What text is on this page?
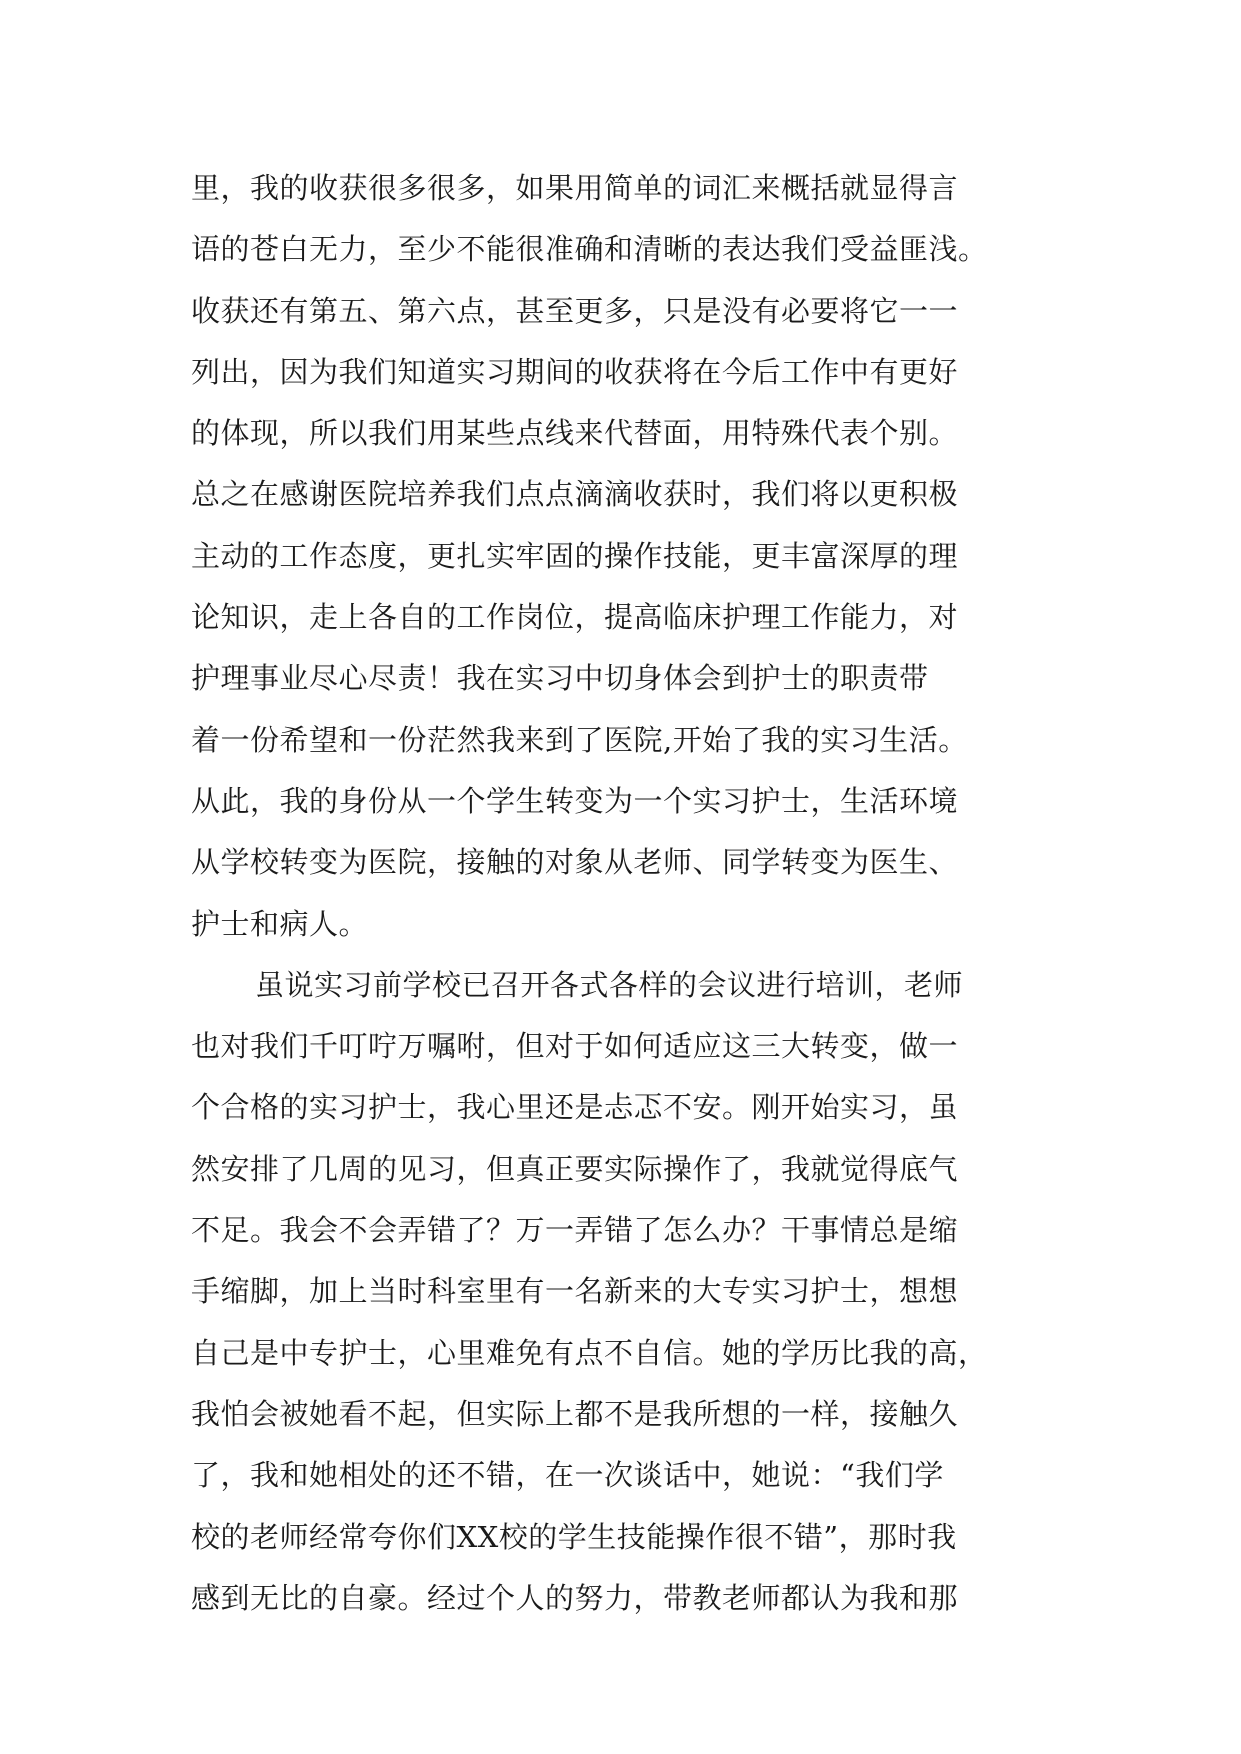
里，我的收获很多很多，如果用简单的词汇来概括就显得言
语的苍白无力，至少不能很准确和清晰的表达我们受益匪浅。
收获还有第五、第六点，甚至更多，只是没有必要将它一一
列出，因为我们知道实习期间的收获将在今后工作中有更好
的体现，所以我们用某些点线来代替面，用特殊代表个别。
总之在感谢医院培养我们点点滴滴收获时，我们将以更积极
主动的工作态度，更扎实牢固的操作技能，更丰富深厚的理
论知识，走上各自的工作岗位，提高临床护理工作能力，对
护理事业尽心尽责！我在实习中切身体会到护士的职责带
着一份希望和一份茫然我来到了医院,开始了我的实习生活。
从此，我的身份从一个学生转变为一个实习护士，生活环境
从学校转变为医院，接触的对象从老师、同学转变为医生、
护士和病人。
虽说实习前学校已召开各式各样的会议进行培训，老师
也对我们千叮咛万嘱咐，但对于如何适应这三大转变，做一
个合格的实习护士，我心里还是忐忑不安。刚开始实习，虽
然安排了几周的见习，但真正要实际操作了，我就觉得底气
不足。我会不会弄错了？万一弄错了怎么办？干事情总是缩
手缩脚，加上当时科室里有一名新来的大专实习护士，想想
自己是中专护士，心里难免有点不自信。她的学历比我的高，
我怕会被她看不起，但实际上都不是我所想的一样，接触久
了，我和她相处的还不错，在一次谈话中，她说：“我们学
校的老师经常夸你们XX校的学生技能操作很不错”，那时我
感到无比的自豪。经过个人的努力，带教老师都认为我和那
